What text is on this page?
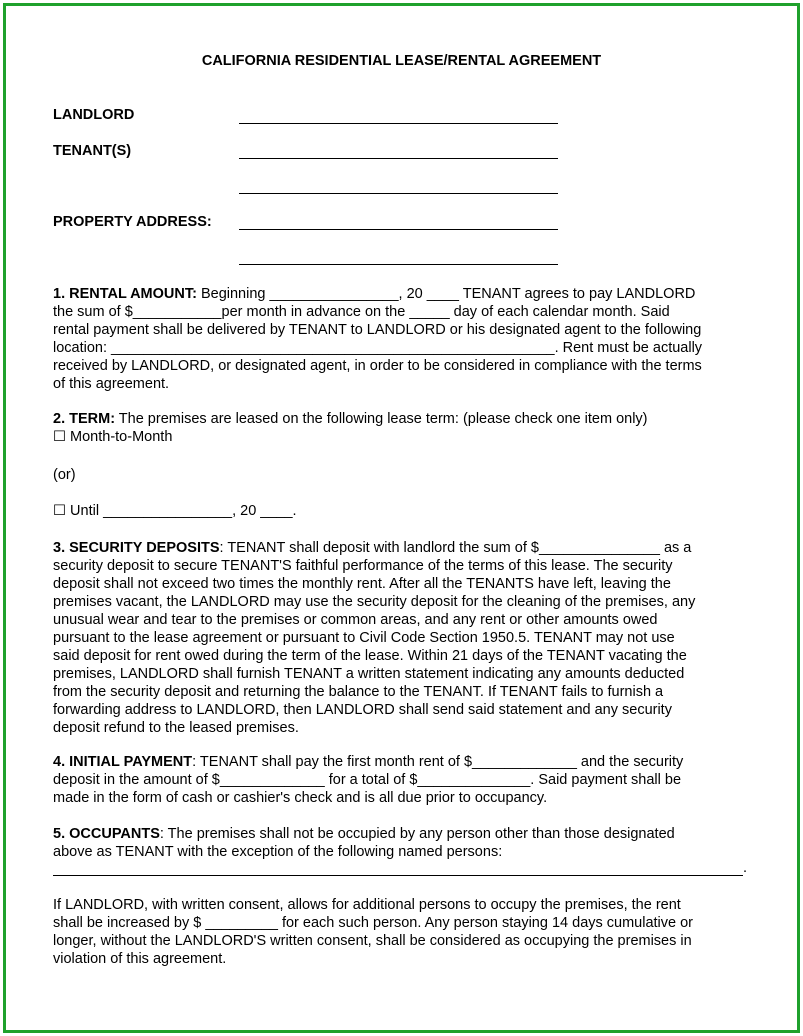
CALIFORNIA RESIDENTIAL LEASE/RENTAL AGREEMENT
LANDLORD
TENANT(S)
PROPERTY ADDRESS:
1. RENTAL AMOUNT: Beginning ________________, 20 ____ TENANT agrees to pay LANDLORD
the sum of $___________per month in advance on the _____ day of each calendar month. Said
rental payment shall be delivered by TENANT to LANDLORD or his designated agent to the following
location: _______________________________________________________. Rent must be actually
received by LANDLORD, or designated agent, in order to be considered in compliance with the terms
of this agreement.
2. TERM: The premises are leased on the following lease term: (please check one item only)
☐ Month-to-Month
(or)
☐ Until ________________, 20 ____.
3. SECURITY DEPOSITS: TENANT shall deposit with landlord the sum of $_______________ as a
security deposit to secure TENANT'S faithful performance of the terms of this lease. The security
deposit shall not exceed two times the monthly rent. After all the TENANTS have left, leaving the
premises vacant, the LANDLORD may use the security deposit for the cleaning of the premises, any
unusual wear and tear to the premises or common areas, and any rent or other amounts owed
pursuant to the lease agreement or pursuant to Civil Code Section 1950.5. TENANT may not use
said deposit for rent owed during the term of the lease. Within 21 days of the TENANT vacating the
premises, LANDLORD shall furnish TENANT a written statement indicating any amounts deducted
from the security deposit and returning the balance to the TENANT. If TENANT fails to furnish a
forwarding address to LANDLORD, then LANDLORD shall send said statement and any security
deposit refund to the leased premises.
4. INITIAL PAYMENT: TENANT shall pay the first month rent of $_____________ and the security
deposit in the amount of $_____________ for a total of $______________. Said payment shall be
made in the form of cash or cashier's check and is all due prior to occupancy.
5. OCCUPANTS: The premises shall not be occupied by any person other than those designated
above as TENANT with the exception of the following named persons:
.
If LANDLORD, with written consent, allows for additional persons to occupy the premises, the rent
shall be increased by $ _________ for each such person. Any person staying 14 days cumulative or
longer, without the LANDLORD'S written consent, shall be considered as occupying the premises in
violation of this agreement.
